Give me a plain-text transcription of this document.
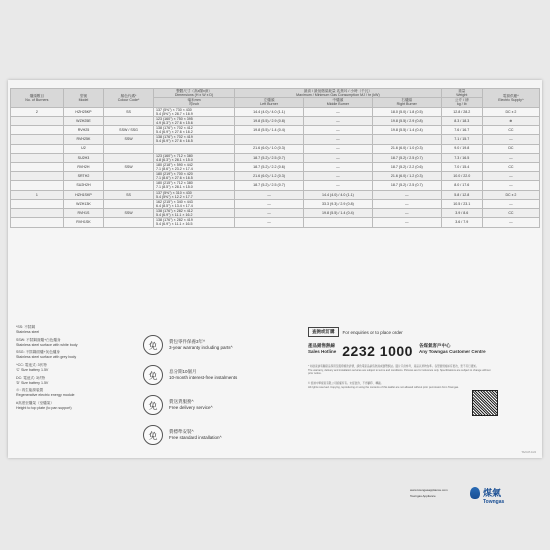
爐頭數目
No. of Burners	型號
Model	顏色代碼*
Colour Code*	整體尺寸（高x闊x深）
Dimensions (H x W x D)	最高 / 最低燃氣耗量 兆焦耳 / 小時（千瓦）
Maximum / Minimum Gas Consumption MJ / hr (kW)			重量
Weight	電源供應^
Electric Supply^
			毫米mm
吋inch	左爐頭
Left Burner	中爐頭
Middle Burner	右爐頭
Right Burner	公斤 / 磅
kg / lb	
2	HZH25KP	SS	137 (5⅜") × 730 × 430
5.4 (5⅜") × 28.7 × 16.9	14.4 (4.0) / 4.0 (1.1)	—	18.0 (5.0) / 1.8 (0.5)	12.8 / 28.2	DC x 2
	WZH25E		123 (160") × 750 × 395
4.9 (6.3") × 27.6 × 15.6	19.8 (5.5) / 2.9 (0.8)	—	19.8 (5.5) / 2.9 (0.8)	8.3 / 18.3	⊕
	RVH25	SSW / SSG	138 (176") × 702 × 412
5.4 (6.9") × 27.6 × 16.2	19.8 (5.5) / 1.4 (0.4)	—	19.8 (5.5) / 1.4 (0.4)	7.6 / 16.7	CC
	RVH25K	SSW	138 (176") × 702 × 419
5.4 (6.9") × 27.6 × 16.5		—		7.1 / 15.7	—
	U2			21.6 (6.0) / 1.0 (0.3)	—	21.6 (6.0) / 1.0 (0.3)	9.0 / 19.8	DC
	SU2H3		123 (160") × 712 × 380
4.8 (6.3") × 28.1 × 15.0	18.7 (5.2) / 2.5 (0.7)	—	18.7 (5.2) / 2.5 (0.7)	7.3 / 16.5	—
	RVH2H	SSW	180 (218") × 590 × 442
7.1 (8.6") × 23.2 × 17.4	18.7 (5.2) / 2.2 (0.6)	—	18.7 (5.2) / 2.2 (0.6)	7.0 / 15.4	CC
	SRTH2		180 (219") × 700 × 420
7.1 (8.6") × 27.6 × 16.5	21.6 (6.0) / 1.2 (0.3)	—	21.6 (6.0) / 1.2 (0.3)	10.0 / 22.0	—
	SU2H2H		180 (215") × 712 × 380
7.1 (8.5") × 28.1 × 15.0	18.7 (5.2) / 2.5 (0.7)	—	18.7 (5.2) / 2.5 (0.7)	8.0 / 17.6	—
1	HZH1SKP	SS	137 (5⅜") × 310 × 430
5.4 (5⅜") × 12.2 × 17.7	—	14.4 (4.0) / 4.0 (1.1)	—	5.8 / 12.8	DC x 2
	WZH13K		162 (215") × 340 × 443
6.4 (8.5") × 13.4 × 17.4	—	33.3 (9.3) / 2.9 (0.8)	—	10.5 / 23.1	—
	RVH1S	SSW	138 (176") × 282 × 412
5.4 (6.9") × 11.1 × 16.2	—	19.8 (5.5) / 1.4 (0.4)	—	3.9 / 8.6	CC
	RVH1SK		138 (176") × 282 × 419
5.4 (6.9") × 11.1 × 16.5	—		—	3.6 / 7.9	—
*SS: 不銹鋼
Stainless steel
SSW: 不銹鋼面爐+白色爐身
Stainless steel surface with white body
SSG: 不銹鋼面爐+灰色爐身
Stainless steel surface with grey body
^CC: 電池式: 3伏特
'C' Size battery 1.5V
DC: 電池式: 3伏特
'D' Size battery 1.5V
⊕: 再生能源裝置
Regenerative electric energy module
#高度至爐架（至爐架）
Height to top plate (to pan support)
免	費包零件保養3年^
3-year warranty including parts^
免	息分期10個月
10-month interest-free instalments
免	費送貨服務^
Free delivery service^
免	費標準安裝^
Free standard installation^
查詢或訂購	For enquiries or to place order
產品銷售熱線
Sales Hotline 2232 1000 各煤氣客戶中心
Any Towngas Customer Centre
^ 如欲查詢有關產品保用及服務條款詳情，請致電產品銷售熱線或瀏覽網站。圖片只供參考，產品以實物為準。各型號規格如有更改，恕不另行通知。
The warranty, delivery and installation services are subject to terms and conditions. Pictures are for reference only. Specifications are subject to change without prior notice.
© 香港中華煤氣有限公司版權所有。未經准許，不得翻印、轉載。
All rights reserved. Copying, reproducing or using the contents of this leaflet are not allowed without prior permission from Towngas.
www.towngasappliance.com
Towngas Appliance	煤氣
Towngas
TA/CAT-1/24
